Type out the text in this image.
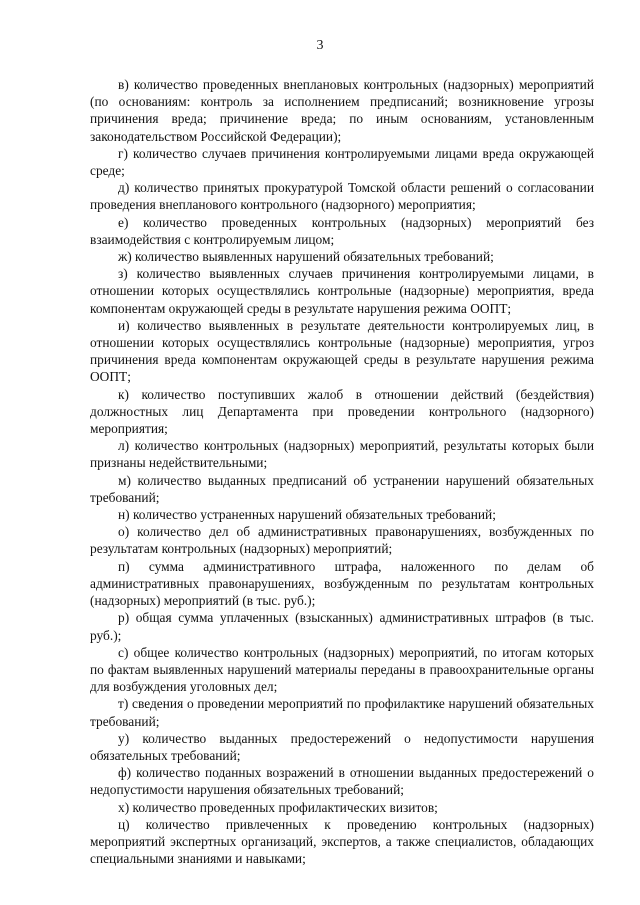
3

в) количество проведенных внеплановых контрольных (надзорных) мероприятий (по основаниям: контроль за исполнением предписаний; возникновение угрозы причинения вреда; причинение вреда; по иным основаниям, установленным законодательством Российской Федерации);

г) количество случаев причинения контролируемыми лицами вреда окружающей среде;

д) количество принятых прокуратурой Томской области решений о согласовании проведения внепланового контрольного (надзорного) мероприятия;

е) количество проведенных контрольных (надзорных) мероприятий без взаимодействия с контролируемым лицом;

ж) количество выявленных нарушений обязательных требований;

з) количество выявленных случаев причинения контролируемыми лицами, в отношении которых осуществлялись контрольные (надзорные) мероприятия, вреда компонентам окружающей среды в результате нарушения режима ООПТ;

и) количество выявленных в результате деятельности контролируемых лиц, в отношении которых осуществлялись контрольные (надзорные) мероприятия, угроз причинения вреда компонентам окружающей среды в результате нарушения режима ООПТ;

к) количество поступивших жалоб в отношении действий (бездействия) должностных лиц Департамента при проведении контрольного (надзорного) мероприятия;

л) количество контрольных (надзорных) мероприятий, результаты которых были признаны недействительными;

м) количество выданных предписаний об устранении нарушений обязательных требований;

н) количество устраненных нарушений обязательных требований;

о) количество дел об административных правонарушениях, возбужденных по результатам контрольных (надзорных) мероприятий;

п) сумма административного штрафа, наложенного по делам об административных правонарушениях, возбужденным по результатам контрольных (надзорных) мероприятий (в тыс. руб.);

р) общая сумма уплаченных (взысканных) административных штрафов (в тыс. руб.);

с) общее количество контрольных (надзорных) мероприятий, по итогам которых по фактам выявленных нарушений материалы переданы в правоохранительные органы для возбуждения уголовных дел;

т) сведения о проведении мероприятий по профилактике нарушений обязательных требований;

у) количество выданных предостережений о недопустимости нарушения обязательных требований;

ф) количество поданных возражений в отношении выданных предостережений о недопустимости нарушения обязательных требований;

х) количество проведенных профилактических визитов;

ц) количество привлеченных к проведению контрольных (надзорных) мероприятий экспертных организаций, экспертов, а также специалистов, обладающих специальными знаниями и навыками;
